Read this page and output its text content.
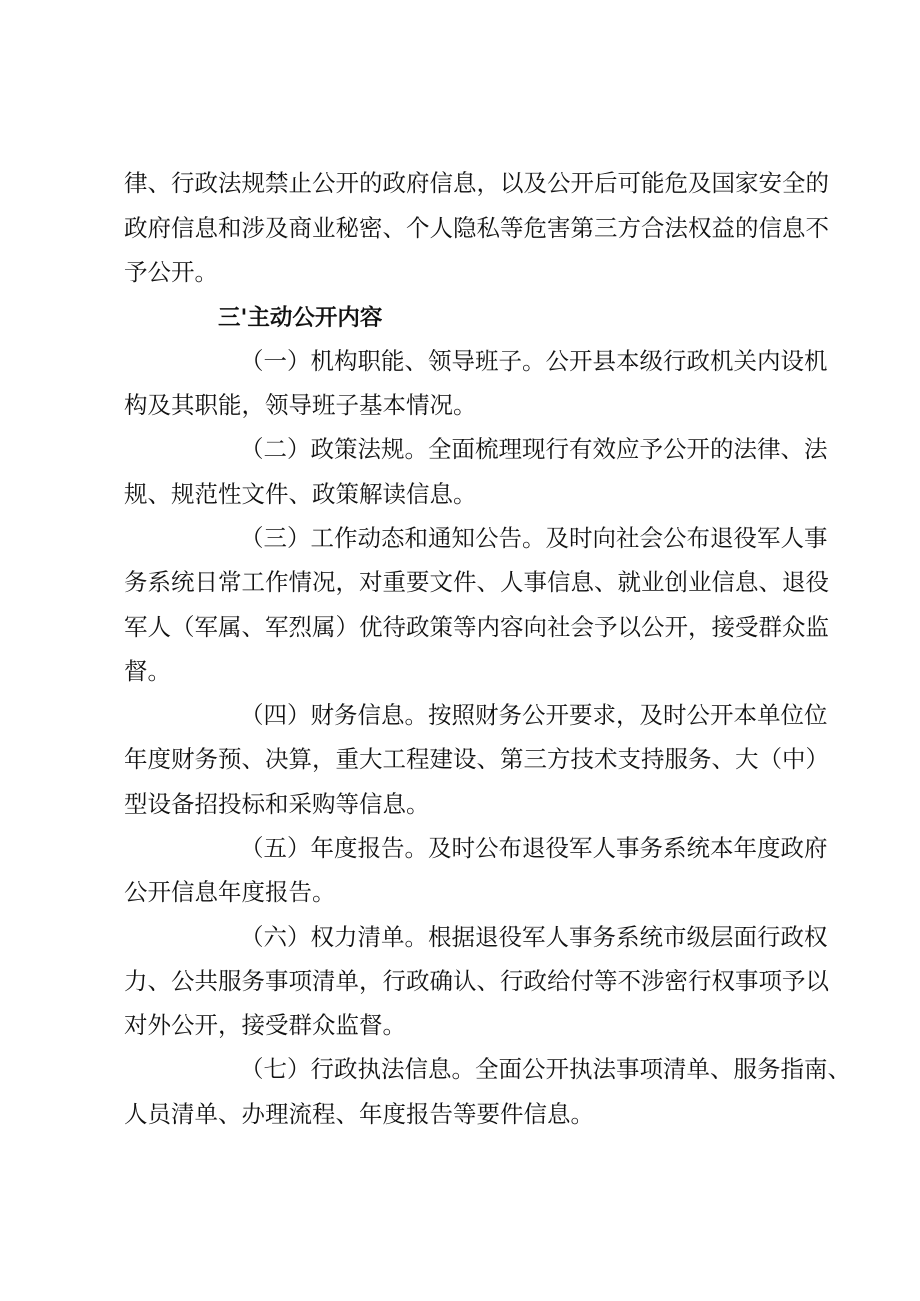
律、行政法规禁止公开的政府信息，以及公开后可能危及国家安全的
政府信息和涉及商业秘密、个人隐私等危害第三方合法权益的信息不
予公开。
三'主动公开内容
（一）机构职能、领导班子。公开县本级行政机关内设机
构及其职能，领导班子基本情况。
（二）政策法规。全面梳理现行有效应予公开的法律、法
规、规范性文件、政策解读信息。
（三）工作动态和通知公告。及时向社会公布退役军人事
务系统日常工作情况，对重要文件、人事信息、就业创业信息、退役
军人（军属、军烈属）优待政策等内容向社会予以公开，接受群众监
督。
（四）财务信息。按照财务公开要求，及时公开本单位位
年度财务预、决算，重大工程建设、第三方技术支持服务、大（中）
型设备招投标和采购等信息。
（五）年度报告。及时公布退役军人事务系统本年度政府
公开信息年度报告。
（六）权力清单。根据退役军人事务系统市级层面行政权
力、公共服务事项清单，行政确认、行政给付等不涉密行权事项予以
对外公开，接受群众监督。
（七）行政执法信息。全面公开执法事项清单、服务指南、
人员清单、办理流程、年度报告等要件信息。
